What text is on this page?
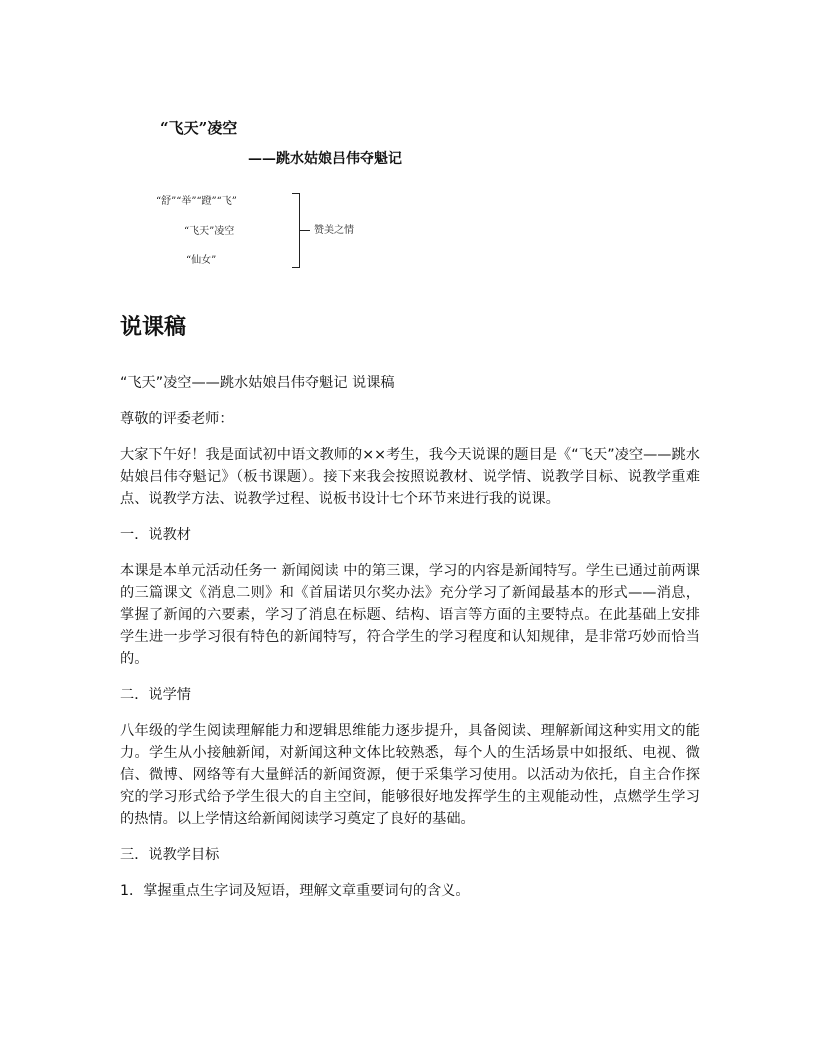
“飞天”凌空

——跳水姑娘吕伟夺魁记

“舒”“举”“蹬”“飞”

“飞天”凌空

“仙女”

赞美之情

说课稿

“飞天”凌空——跳水姑娘吕伟夺魁记 说课稿

尊敬的评委老师：

大家下午好！我是面试初中语文教师的××考生，我今天说课的题目是《“飞天”凌空——跳水姑娘吕伟夺魁记》（板书课题）。接下来我会按照说教材、说学情、说教学目标、说教学重难点、说教学方法、说教学过程、说板书设计七个环节来进行我的说课。

一．说教材

本课是本单元活动任务一 新闻阅读 中的第三课，学习的内容是新闻特写。学生已通过前两课的三篇课文《消息二则》和《首届诺贝尔奖办法》充分学习了新闻最基本的形式——消息，掌握了新闻的六要素，学习了消息在标题、结构、语言等方面的主要特点。在此基础上安排学生进一步学习很有特色的新闻特写，符合学生的学习程度和认知规律，是非常巧妙而恰当的。

二．说学情

八年级的学生阅读理解能力和逻辑思维能力逐步提升，具备阅读、理解新闻这种实用文的能力。学生从小接触新闻，对新闻这种文体比较熟悉，每个人的生活场景中如报纸、电视、微信、微博、网络等有大量鲜活的新闻资源，便于采集学习使用。以活动为依托，自主合作探究的学习形式给予学生很大的自主空间，能够很好地发挥学生的主观能动性，点燃学生学习的热情。以上学情这给新闻阅读学习奠定了良好的基础。

三．说教学目标

1．掌握重点生字词及短语，理解文章重要词句的含义。
